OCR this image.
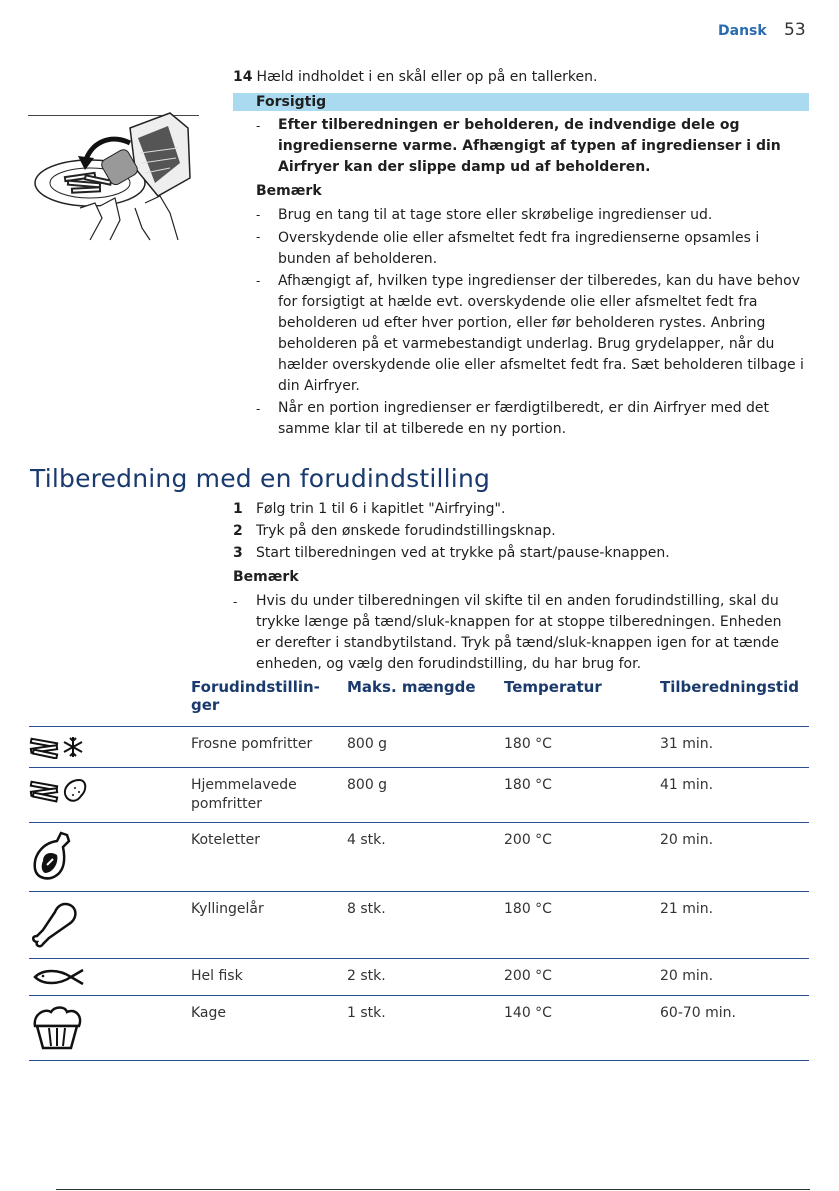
Dansk 53
14 Hæld indholdet i en skål eller op på en tallerken.
Forsigtig
- Efter tilberedningen er beholderen, de indvendige dele og ingredienserne varme. Afhængigt af typen af ingredienser i din Airfryer kan der slippe damp ud af beholderen.
Bemærk
- Brug en tang til at tage store eller skrøbelige ingredienser ud.
- Overskydende olie eller afsmeltet fedt fra ingredienserne opsamles i bunden af beholderen.
- Afhængigt af, hvilken type ingredienser der tilberedes, kan du have behov for forsigtigt at hælde evt. overskydende olie eller afsmeltet fedt fra beholderen ud efter hver portion, eller før beholderen rystes. Anbring beholderen på et varmebestandigt underlag. Brug grydelapper, når du hælder overskydende olie eller afsmeltet fedt fra. Sæt beholderen tilbage i din Airfryer.
- Når en portion ingredienser er færdigtilberedt, er din Airfryer med det samme klar til at tilberede en ny portion.
Tilberedning med en forudindstilling
1 Følg trin 1 til 6 i kapitlet "Airfrying".
2 Tryk på den ønskede forudindstillingsknap.
3 Start tilberedningen ved at trykke på start/pause-knappen.
Bemærk
- Hvis du under tilberedningen vil skifte til en anden forudindstilling, skal du trykke længe på tænd/sluk-knappen for at stoppe tilberedningen. Enheden er derefter i standbytilstand. Tryk på tænd/sluk-knappen igen for at tænde enheden, og vælg den forudindstilling, du har brug for.
	Forudindstillin-ger	Maks. mængde	Temperatur	Tilberedningstid

	Frosne pomfritter	800 g	180 °C	31 min.

	Hjemmelavede pomfritter	800 g	180 °C	41 min.

	Koteletter	4 stk.	200 °C	20 min.

	Kyllingelår	8 stk.	180 °C	21 min.

	Hel fisk	2 stk.	200 °C	20 min.

	Kage	1 stk.	140 °C	60-70 min.
